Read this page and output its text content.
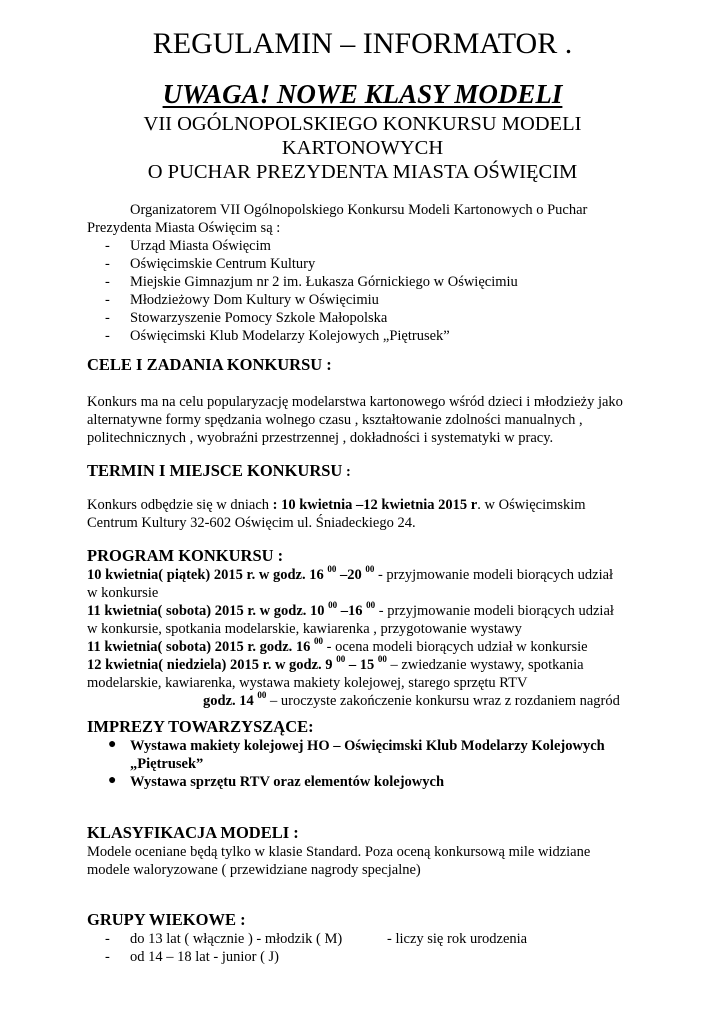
REGULAMIN – INFORMATOR .
UWAGA! NOWE KLASY MODELI
VII OGÓLNOPOLSKIEGO KONKURSU MODELI
KARTONOWYCH
O PUCHAR PREZYDENTA MIASTA OŚWIĘCIM
Organizatorem VII Ogólnopolskiego Konkursu Modeli Kartonowych o Puchar
Prezydenta Miasta Oświęcim są :
- Urząd Miasta Oświęcim
- Oświęcimskie Centrum Kultury
- Miejskie Gimnazjum nr 2 im. Łukasza Górnickiego w Oświęcimiu
- Młodzieżowy Dom Kultury w Oświęcimiu
- Stowarzyszenie Pomocy Szkole Małopolska
- Oświęcimski Klub Modelarzy Kolejowych „Piętrusek”
CELE I ZADANIA KONKURSU :
Konkurs ma na celu popularyzację modelarstwa kartonowego wśród dzieci i młodzieży jako
alternatywne formy spędzania wolnego czasu , kształtowanie zdolności manualnych ,
politechnicznych , wyobraźni przestrzennej , dokładności i systematyki w pracy.
TERMIN I MIEJSCE KONKURSU :
Konkurs odbędzie się w dniach : 10 kwietnia –12 kwietnia 2015 r. w Oświęcimskim
Centrum Kultury 32-602 Oświęcim ul. Śniadeckiego 24.
PROGRAM KONKURSU :
10 kwietnia( piątek) 2015 r. w godz. 16 $^{00}$ –20 $^{00}$ - przyjmowanie modeli biorących udział
w konkursie
11 kwietnia( sobota) 2015 r. w godz. 10 $^{00}$ –16 $^{00}$ - przyjmowanie modeli biorących udział
w konkursie, spotkania modelarskie, kawiarenka , przygotowanie wystawy
11 kwietnia( sobota) 2015 r. godz. 16 $^{00}$ - ocena modeli biorących udział w konkursie
12 kwietnia( niedziela) 2015 r. w godz. 9 $^{00}$ – 15 $^{00}$ – zwiedzanie wystawy, spotkania
modelarskie, kawiarenka, wystawa makiety kolejowej, starego sprzętu RTV
godz. 14 $^{00}$ – uroczyste zakończenie konkursu wraz z rozdaniem nagród
IMPREZY TOWARZYSZĄCE:
● Wystawa makiety kolejowej HO – Oświęcimski Klub Modelarzy Kolejowych
„Piętrusek”
● Wystawa sprzętu RTV oraz elementów kolejowych
KLASYFIKACJA MODELI :
Modele oceniane będą tylko w klasie Standard. Poza oceną konkursową mile widziane
modele waloryzowane ( przewidziane nagrody specjalne)
GRUPY WIEKOWE :
- do 13 lat ( włącznie ) - młodzik ( M)	- liczy się rok urodzenia
- od 14 – 18 lat - junior ( J)
